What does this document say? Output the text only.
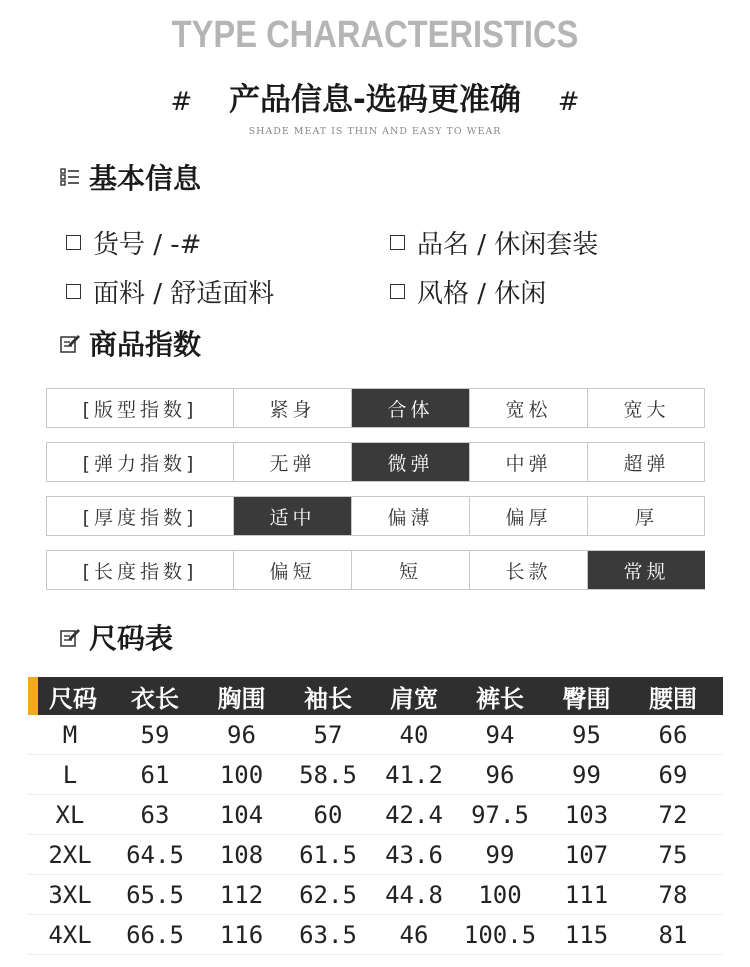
TYPE CHARACTERISTICS
# 产品信息-选码更准确 #
SHADE MEAT IS THIN AND EASY TO WEAR
基本信息
货号 / -#	品名 / 休闲套装
面料 / 舒适面料	风格 / 休闲
商品指数
[版型指数]	紧身	合体	宽松	宽大
[弹力指数]	无弹	微弹	中弹	超弹
[厚度指数]	适中	偏薄	偏厚	厚
[长度指数]	偏短	短	长款	常规
尺码表
尺码	衣长	胸围	袖长	肩宽	裤长	臀围	腰围
M	59	96	57	40	94	95	66
L	61	100	58.5	41.2	96	99	69
XL	63	104	60	42.4	97.5	103	72
2XL	64.5	108	61.5	43.6	99	107	75
3XL	65.5	112	62.5	44.8	100	111	78
4XL	66.5	116	63.5	46	100.5	115	81
